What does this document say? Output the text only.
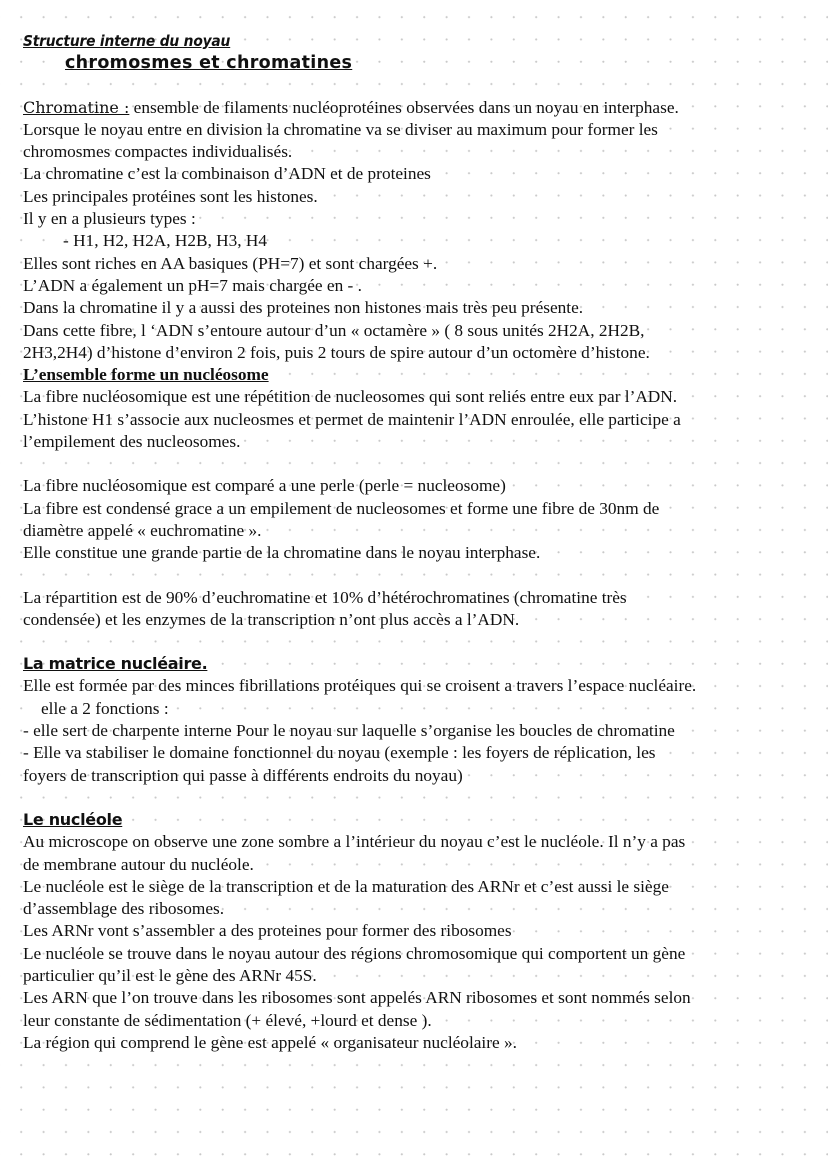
Structure interne du noyau
chromosmes et chromatines
Chromatine : ensemble de filaments nucléoprotéines observées dans un noyau en interphase.
Lorsque le noyau entre en division la chromatine va se diviser au maximum pour former les
chromosmes compactes individualisés.
La chromatine c’est la combinaison d’ADN et de proteines
Les principales protéines sont les histones.
Il y en a plusieurs types :
- H1, H2, H2A, H2B, H3, H4
Elles sont riches en AA basiques (PH=7) et sont chargées +.
L’ADN a également un pH=7 mais chargée en - .
Dans la chromatine il y a aussi des proteines non histones mais très peu présente.
Dans cette fibre, l ‘ADN s’entoure autour d’un « octamère » ( 8 sous unités 2H2A, 2H2B,
2H3,2H4) d’histone d’environ 2 fois, puis 2 tours de spire autour d’un octomère d’histone.
L’ensemble forme un nucléosome
La fibre nucléosomique est une répétition de nucleosomes qui sont reliés entre eux par l’ADN.
L’histone H1 s’associe aux nucleosmes et permet de maintenir l’ADN enroulée, elle participe a
l’empilement des nucleosomes.
La fibre nucléosomique est comparé a une perle (perle = nucleosome)
La fibre est condensé grace a un empilement de nucleosomes et forme une fibre de 30nm de
diamètre appelé « euchromatine ».
Elle constitue une grande partie de la chromatine dans le noyau interphase.
La répartition est de 90% d’euchromatine et 10% d’hétérochromatines (chromatine très
condensée) et les enzymes de la transcription n’ont plus accès a l’ADN.
La matrice nucléaire.
Elle est formée par des minces fibrillations protéiques qui se croisent a travers l’espace nucléaire.
elle a 2 fonctions :
- elle sert de charpente interne Pour le noyau sur laquelle s’organise les boucles de chromatine
- Elle va stabiliser le domaine fonctionnel du noyau (exemple : les foyers de réplication, les
foyers de transcription qui passe à différents endroits du noyau)
Le nucléole
Au microscope on observe une zone sombre a l’intérieur du noyau c’est le nucléole. Il n’y a pas
de membrane autour du nucléole.
Le nucléole est le siège de la transcription et de la maturation des ARNr et c’est aussi le siège
d’assemblage des ribosomes.
Les ARNr vont s’assembler a des proteines pour former des ribosomes
Le nucléole se trouve dans le noyau autour des régions chromosomique qui comportent un gène
particulier qu’il est le gène des ARNr 45S.
Les ARN que l’on trouve dans les ribosomes sont appelés ARN ribosomes et sont nommés selon
leur constante de sédimentation (+ élevé, +lourd et dense ).
La région qui comprend le gène est appelé « organisateur nucléolaire ».
